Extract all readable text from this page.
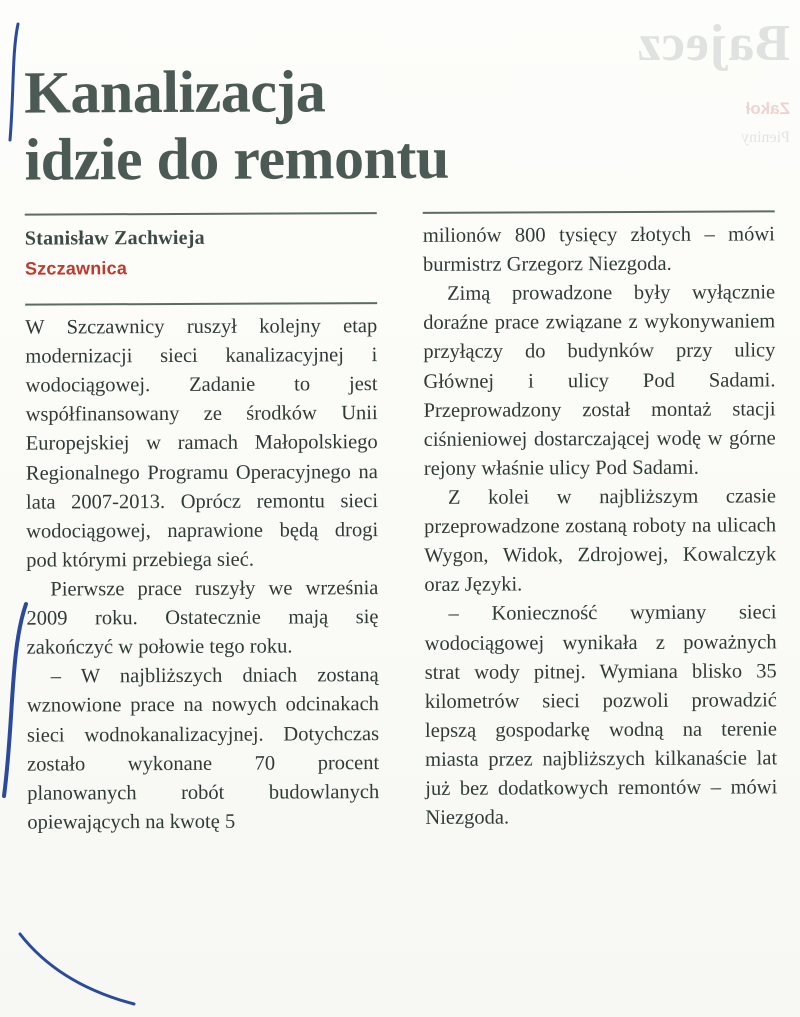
Bajecz
Zakoł
Pieniny
Kanalizacja
idzie do remontu
Stanisław Zachwieja
Szczawnica

W Szczawnicy ruszył kolejny etap modernizacji sieci kanalizacyjnej i wodociągowej. Zadanie to jest współfinansowany ze środków Unii Europejskiej w ramach Małopolskiego Regionalnego Programu Operacyjnego na lata 2007-2013. Oprócz remontu sieci wodociągowej, naprawione będą drogi pod którymi przebiega sieć.

Pierwsze prace ruszyły we września 2009 roku. Ostatecznie mają się zakończyć w połowie tego roku.

– W najbliższych dniach zostaną wznowione prace na nowych odcinakach sieci wodnokanalizacyjnej. Dotychczas zostało wykonane 70 procent planowanych robót budowlanych opiewających na kwotę 5

milionów 800 tysięcy złotych – mówi burmistrz Grzegorz Niezgoda.

Zimą prowadzone były wyłącznie doraźne prace związane z wykonywaniem przyłączy do budynków przy ulicy Głównej i ulicy Pod Sadami. Przeprowadzony został montaż stacji ciśnieniowej dostarczającej wodę w górne rejony właśnie ulicy Pod Sadami.

Z kolei w najbliższym czasie przeprowadzone zostaną roboty na ulicach Wygon, Widok, Zdrojowej, Kowalczyk oraz Języki.

– Konieczność wymiany sieci wodociągowej wynikała z poważnych strat wody pitnej. Wymiana blisko 35 kilometrów sieci pozwoli prowadzić lepszą gospodarkę wodną na terenie miasta przez najbliższych kilkanaście lat już bez dodatkowych remontów – mówi Niezgoda.
